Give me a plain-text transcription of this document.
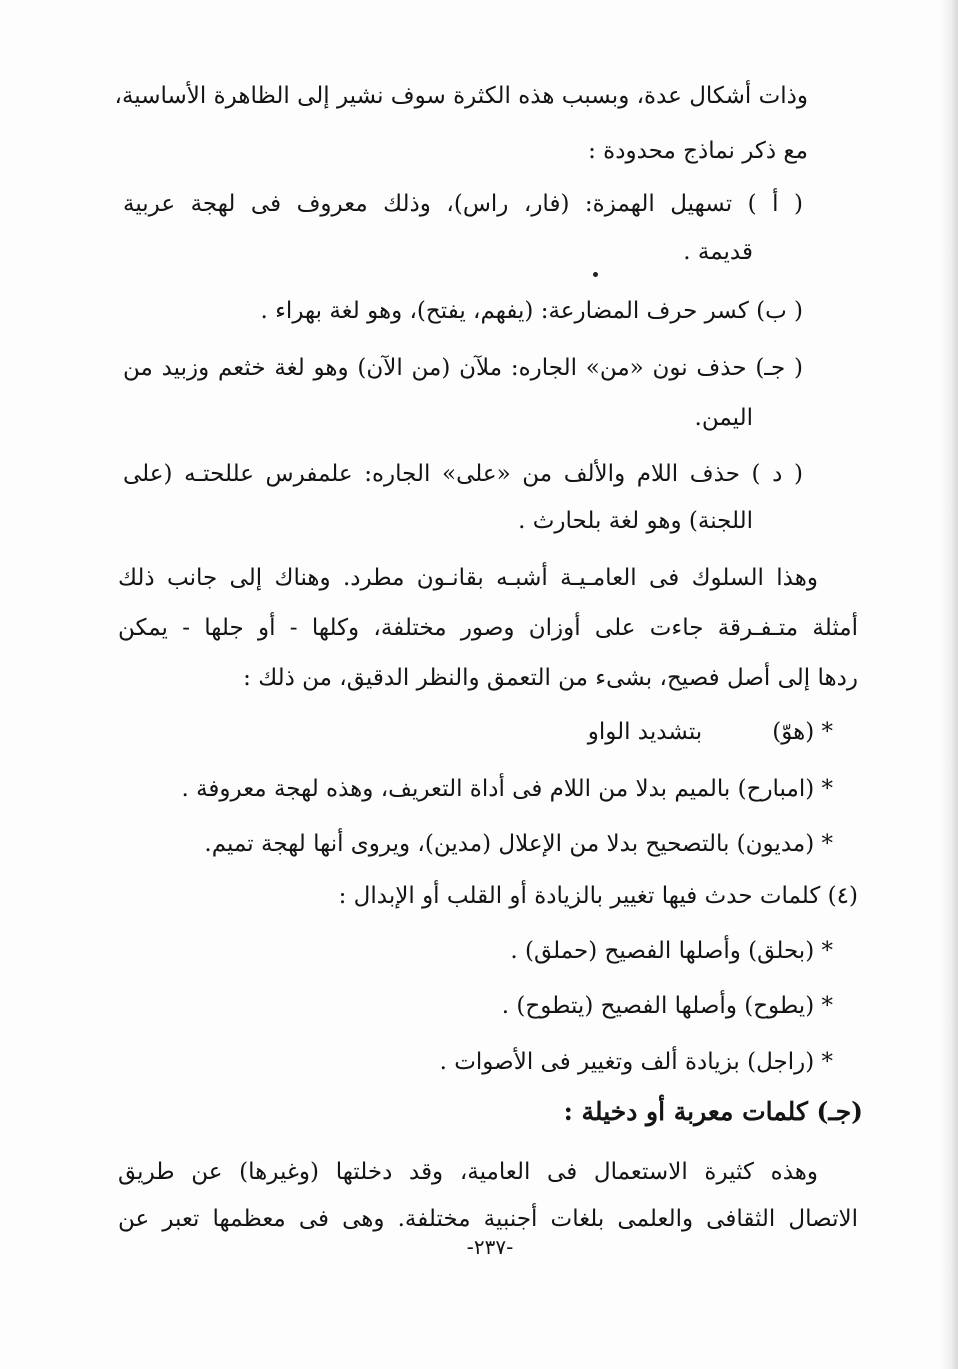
وذات أشكال عدة، وبسبب هذه الكثرة سوف نشير إلى الظاهرة الأساسية،
مع ذكر نماذج محدودة :
( أ ) تسهيل الهمزة: (فار، راس)، وذلك معروف فى لهجة عربية
قديمة .
( ب) كسر حرف المضارعة: (يفهم، يفتح)، وهو لغة بهراء .
( جـ) حذف نون «من» الجاره: ملآن (من الآن) وهو لغة خثعم وزبيد من
اليمن.
( د ) حذف اللام والألف من «على» الجاره: علمفرس عللحتـه (على
اللجنة) وهو لغة بلحارث .
وهذا السلوك فى العامـيـة أشبـه بقانـون مطرد. وهناك إلى جانب ذلك
أمثلة متـفـرقة جاءت على أوزان وصور مختلفة، وكلها - أو جلها - يمكن
ردها إلى أصل فصيح، بشىء من التعمق والنظر الدقيق، من ذلك :
* (هوّ)بتشديد الواو
* (امبارح) بالميم بدلا من اللام فى أداة التعريف، وهذه لهجة معروفة .
* (مديون) بالتصحيح بدلا من الإعلال (مدين)، ويروى أنها لهجة تميم.
(٤) كلمات حدث فيها تغيير بالزيادة أو القلب أو الإبدال :
* (بحلق) وأصلها الفصيح (حملق) .
* (يطوح) وأصلها الفصيح (يتطوح) .
* (راجل) بزيادة ألف وتغيير فى الأصوات .
(جـ) كلمات معربة أو دخيلة :
وهذه كثيرة الاستعمال فى العامية، وقد دخلتها (وغيرها) عن طريق
الاتصال الثقافى والعلمى بلغات أجنبية مختلفة. وهى فى معظمها تعبر عن
-٢٣٧-
